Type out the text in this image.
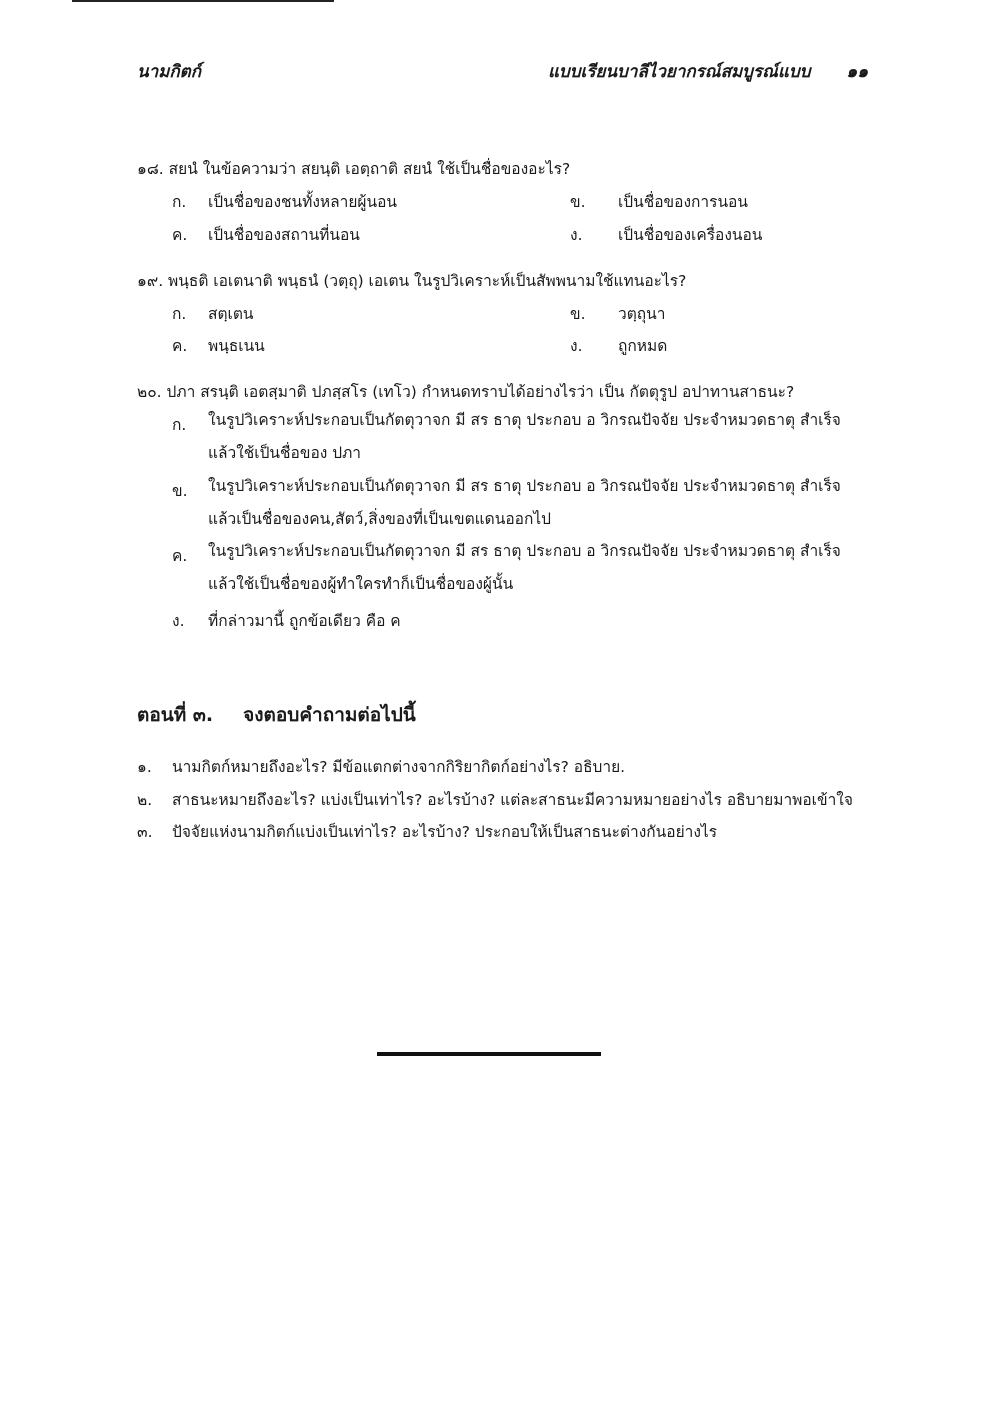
นามกิตก์	แบบเรียนบาลีไวยากรณ์สมบูรณ์แบบ ๑๑
๑๘. สยนํ ในข้อความว่า สยนฺติ เอตฺถาติ สยนํ ใช้เป็นชื่อของอะไร?
ก. เป็นชื่อของชนทั้งหลายผู้นอน	ข. เป็นชื่อของการนอน
ค. เป็นชื่อของสถานที่นอน	ง. เป็นชื่อของเครื่องนอน
๑๙. พนฺธติ เอเตนาติ พนฺธนํ (วตฺถุ) เอเตน ในรูปวิเคราะห์เป็นสัพพนามใช้แทนอะไร?
ก. สตฺเตน	ข. วตฺถุนา
ค. พนฺธเนน	ง. ถูกหมด
๒๐. ปภา สรนฺติ เอตสฺมาติ ปภสฺสโร (เทโว) กำหนดทราบได้อย่างไรว่า เป็น กัตตุรูป อปาทานสาธนะ?
ก. ในรูปวิเคราะห์ประกอบเป็นกัตตุวาจก มี สร ธาตุ ประกอบ อ วิกรณปัจจัย ประจำหมวดธาตุ สำเร็จ
แล้วใช้เป็นชื่อของ ปภา
ข. ในรูปวิเคราะห์ประกอบเป็นกัตตุวาจก มี สร ธาตุ ประกอบ อ วิกรณปัจจัย ประจำหมวดธาตุ สำเร็จ
แล้วเป็นชื่อของคน,สัตว์,สิ่งของที่เป็นเขตแดนออกไป
ค. ในรูปวิเคราะห์ประกอบเป็นกัตตุวาจก มี สร ธาตุ ประกอบ อ วิกรณปัจจัย ประจำหมวดธาตุ สำเร็จ
แล้วใช้เป็นชื่อของผู้ทำใครทำก็เป็นชื่อของผู้นั้น
ง. ที่กล่าวมานี้ ถูกข้อเดียว คือ ค
ตอนที่ ๓. จงตอบคำถามต่อไปนี้
๑. นามกิตก์หมายถึงอะไร? มีข้อแตกต่างจากกิริยากิตก์อย่างไร? อธิบาย.
๒. สาธนะหมายถึงอะไร? แบ่งเป็นเท่าไร? อะไรบ้าง? แต่ละสาธนะมีความหมายอย่างไร อธิบายมาพอเข้าใจ
๓. ปัจจัยแห่งนามกิตก์แบ่งเป็นเท่าไร? อะไรบ้าง? ประกอบให้เป็นสาธนะต่างกันอย่างไร
